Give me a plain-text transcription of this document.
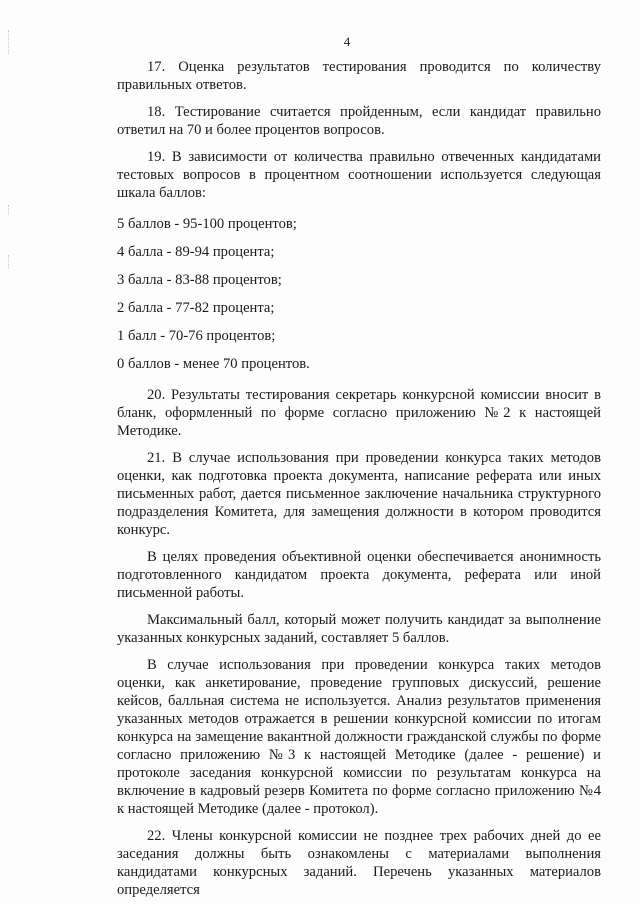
4

17. Оценка результатов тестирования проводится по количеству правильных ответов.

18. Тестирование считается пройденным, если кандидат правильно ответил на 70 и более процентов вопросов.

19. В зависимости от количества правильно отвеченных кандидатами тестовых вопросов в процентном соотношении используется следующая шкала баллов:

5 баллов - 95-100 процентов;
4 балла - 89-94 процента;
3 балла - 83-88 процентов;
2 балла - 77-82 процента;
1 балл - 70-76 процентов;
0 баллов - менее 70 процентов.

20. Результаты тестирования секретарь конкурсной комиссии вносит в бланк, оформленный по форме согласно приложению №2 к настоящей Методике.

21. В случае использования при проведении конкурса таких методов оценки, как подготовка проекта документа, написание реферата или иных письменных работ, дается письменное заключение начальника структурного подразделения Комитета, для замещения должности в котором проводится конкурс.

В целях проведения объективной оценки обеспечивается анонимность подготовленного кандидатом проекта документа, реферата или иной письменной работы.

Максимальный балл, который может получить кандидат за выполнение указанных конкурсных заданий, составляет 5 баллов.

В случае использования при проведении конкурса таких методов оценки, как анкетирование, проведение групповых дискуссий, решение кейсов, балльная система не используется. Анализ результатов применения указанных методов отражается в решении конкурсной комиссии по итогам конкурса на замещение вакантной должности гражданской службы по форме согласно приложению №3 к настоящей Методике (далее - решение) и протоколе заседания конкурсной комиссии по результатам конкурса на включение в кадровый резерв Комитета по форме согласно приложению №4 к настоящей Методике (далее - протокол).

22. Члены конкурсной комиссии не позднее трех рабочих дней до ее заседания должны быть ознакомлены с материалами выполнения кандидатами конкурсных заданий. Перечень указанных материалов определяется
